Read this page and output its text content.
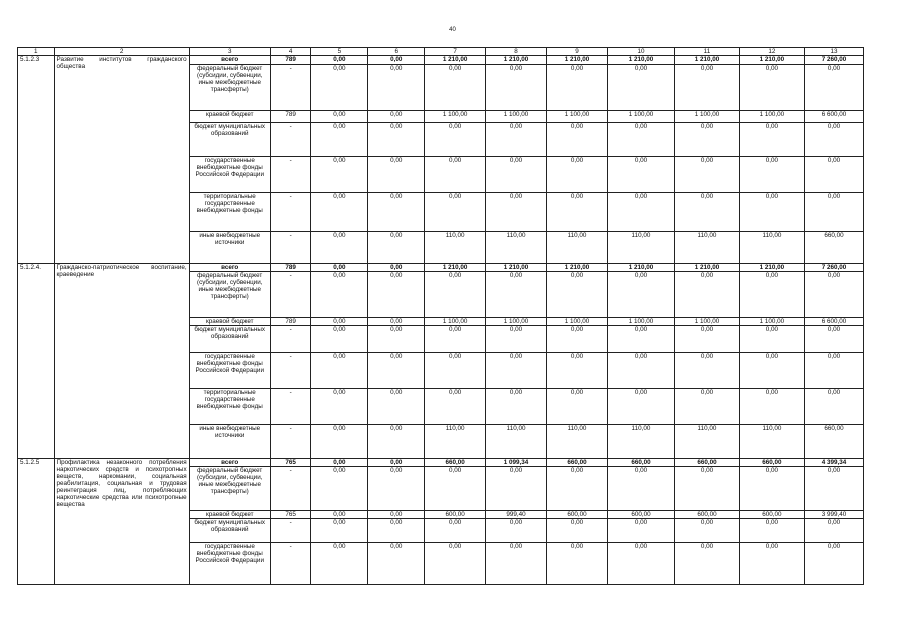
40
1	2	3	4	5	6	7	8	9	10	11	12	13
5.1.2.3	Развитие институтов гражданского общества	всего	789	0,00	0,00	1 210,00	1 210,00	1 210,00	1 210,00	1 210,00	1 210,00	7 260,00
		федеральный бюджет (субсидии, субвенции, иные межбюджетные трансферты)	-	0,00	0,00	0,00	0,00	0,00	0,00	0,00	0,00	0,00
		краевой бюджет	789	0,00	0,00	1 100,00	1 100,00	1 100,00	1 100,00	1 100,00	1 100,00	6 600,00
		бюджет муниципальных образований	-	0,00	0,00	0,00	0,00	0,00	0,00	0,00	0,00	0,00
		государственные внебюджетные фонды Российской Федерации	-	0,00	0,00	0,00	0,00	0,00	0,00	0,00	0,00	0,00
		территориальные государственные внебюджетные фонды	-	0,00	0,00	0,00	0,00	0,00	0,00	0,00	0,00	0,00
		иные внебюджетные источники	-	0,00	0,00	110,00	110,00	110,00	110,00	110,00	110,00	660,00
5.1.2.4.	Гражданско-патриотическое воспитание, краеведение	всего	789	0,00	0,00	1 210,00	1 210,00	1 210,00	1 210,00	1 210,00	1 210,00	7 260,00
		федеральный бюджет (субсидии, субвенции, иные межбюджетные трансферты)	-	0,00	0,00	0,00	0,00	0,00	0,00	0,00	0,00	0,00
		краевой бюджет	789	0,00	0,00	1 100,00	1 100,00	1 100,00	1 100,00	1 100,00	1 100,00	6 600,00
		бюджет муниципальных образований	-	0,00	0,00	0,00	0,00	0,00	0,00	0,00	0,00	0,00
		государственные внебюджетные фонды Российской Федерации	-	0,00	0,00	0,00	0,00	0,00	0,00	0,00	0,00	0,00
		территориальные государственные внебюджетные фонды	-	0,00	0,00	0,00	0,00	0,00	0,00	0,00	0,00	0,00
		иные внебюджетные источники	-	0,00	0,00	110,00	110,00	110,00	110,00	110,00	110,00	660,00
5.1.2.5	Профилактика незаконного потребления наркотических средств и психотропных веществ, наркомании, социальная реабилитация, социальная и трудовая реинтеграция лиц, потребляющих наркотические средства или психотропные вещества	всего	765	0,00	0,00	660,00	1 099,34	660,00	660,00	660,00	660,00	4 399,34
		федеральный бюджет (субсидии, субвенции, иные межбюджетные трансферты)	-	0,00	0,00	0,00	0,00	0,00	0,00	0,00	0,00	0,00
		краевой бюджет	765	0,00	0,00	600,00	999,40	600,00	600,00	600,00	600,00	3 999,40
		бюджет муниципальных образований	-	0,00	0,00	0,00	0,00	0,00	0,00	0,00	0,00	0,00
		государственные внебюджетные фонды Российской Федерации	-	0,00	0,00	0,00	0,00	0,00	0,00	0,00	0,00	0,00
